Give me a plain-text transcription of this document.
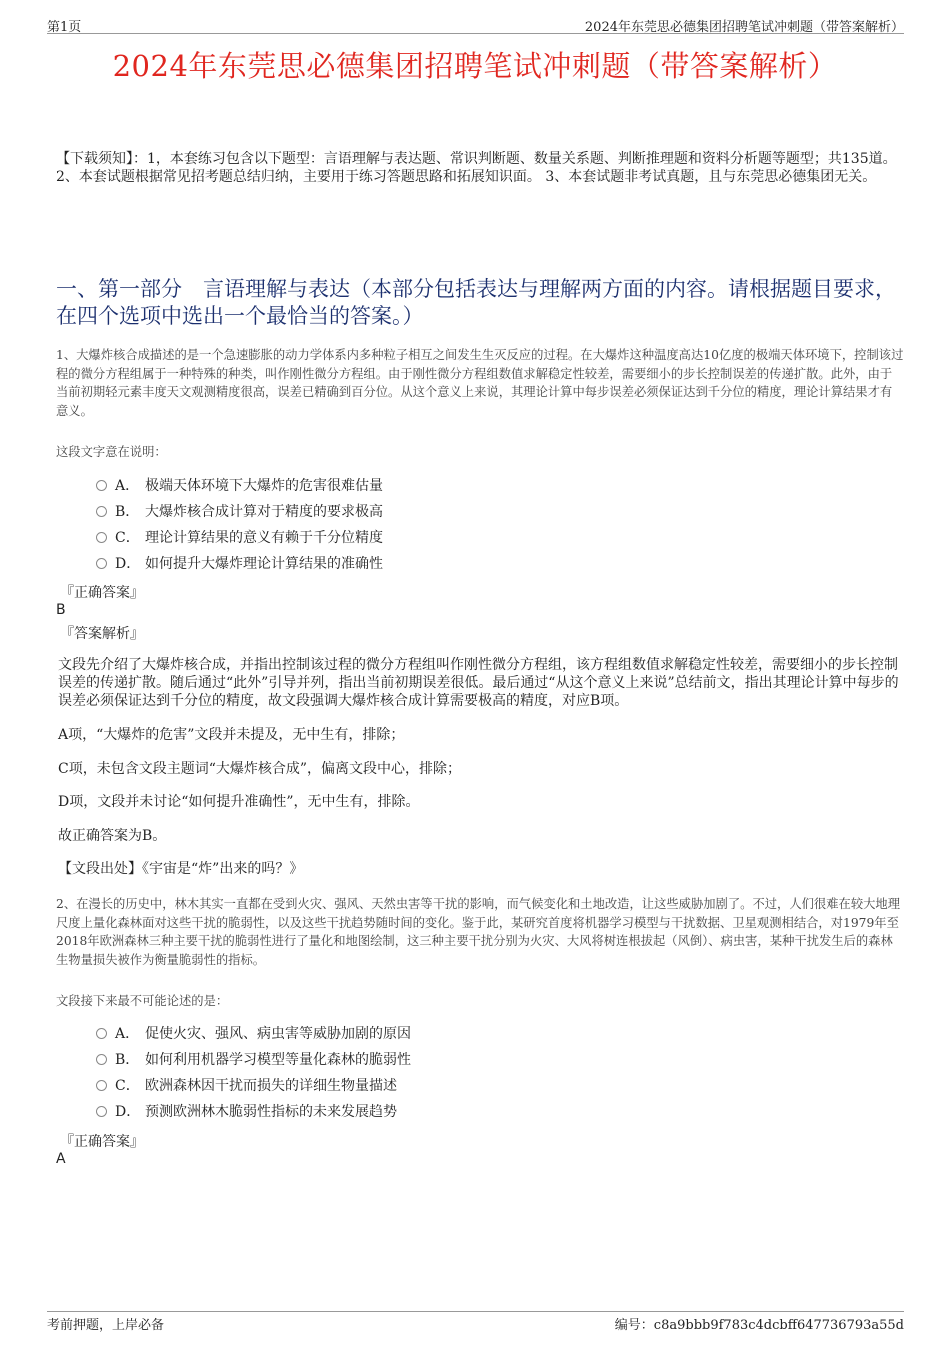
第1页	2024年东莞思必德集团招聘笔试冲刺题（带答案解析）
2024年东莞思必德集团招聘笔试冲刺题（带答案解析）
【下载须知】：1，本套练习包含以下题型：言语理解与表达题、常识判断题、数量关系题、判断推理题和资料分析题等题型；共135道。 2、本套试题根据常见招考题总结归纳，主要用于练习答题思路和拓展知识面。 3、本套试题非考试真题，且与东莞思必德集团无关。
一、第一部分　言语理解与表达（本部分包括表达与理解两方面的内容。请根据题目要求，在四个选项中选出一个最恰当的答案。）
1、大爆炸核合成描述的是一个急速膨胀的动力学体系内多种粒子相互之间发生生灭反应的过程。在大爆炸这种温度高达10亿度的极端天体环境下，控制该过程的微分方程组属于一种特殊的种类，叫作刚性微分方程组。由于刚性微分方程组数值求解稳定性较差，需要细小的步长控制误差的传递扩散。此外，由于当前初期轻元素丰度天文观测精度很高，误差已精确到百分位。从这个意义上来说，其理论计算中每步误差必须保证达到千分位的精度，理论计算结果才有意义。
这段文字意在说明：
A． 极端天体环境下大爆炸的危害很难估量
B． 大爆炸核合成计算对于精度的要求极高
C． 理论计算结果的意义有赖于千分位精度
D． 如何提升大爆炸理论计算结果的准确性
『正确答案』
B
『答案解析』
文段先介绍了大爆炸核合成，并指出控制该过程的微分方程组叫作刚性微分方程组，该方程组数值求解稳定性较差，需要细小的步长控制误差的传递扩散。随后通过“此外”引导并列，指出当前初期误差很低。最后通过“从这个意义上来说”总结前文，指出其理论计算中每步的误差必须保证达到千分位的精度，故文段强调大爆炸核合成计算需要极高的精度，对应B项。
A项，“大爆炸的危害”文段并未提及，无中生有，排除；
C项，未包含文段主题词“大爆炸核合成”，偏离文段中心，排除；
D项，文段并未讨论“如何提升准确性”，无中生有，排除。
故正确答案为B。
【文段出处】《宇宙是“炸”出来的吗？》
2、在漫长的历史中，林木其实一直都在受到火灾、强风、天然虫害等干扰的影响，而气候变化和土地改造，让这些威胁加剧了。不过，人们很难在较大地理尺度上量化森林面对这些干扰的脆弱性，以及这些干扰趋势随时间的变化。鉴于此，某研究首度将机器学习模型与干扰数据、卫星观测相结合，对1979年至2018年欧洲森林三种主要干扰的脆弱性进行了量化和地图绘制，这三种主要干扰分别为火灾、大风将树连根拔起（风倒）、病虫害，某种干扰发生后的森林生物量损失被作为衡量脆弱性的指标。
文段接下来最不可能论述的是：
A． 促使火灾、强风、病虫害等威胁加剧的原因
B． 如何利用机器学习模型等量化森林的脆弱性
C． 欧洲森林因干扰而损失的详细生物量描述
D． 预测欧洲林木脆弱性指标的未来发展趋势
『正确答案』
A
考前押题，上岸必备	编号：c8a9bbb9f783c4dcbff647736793a55d
